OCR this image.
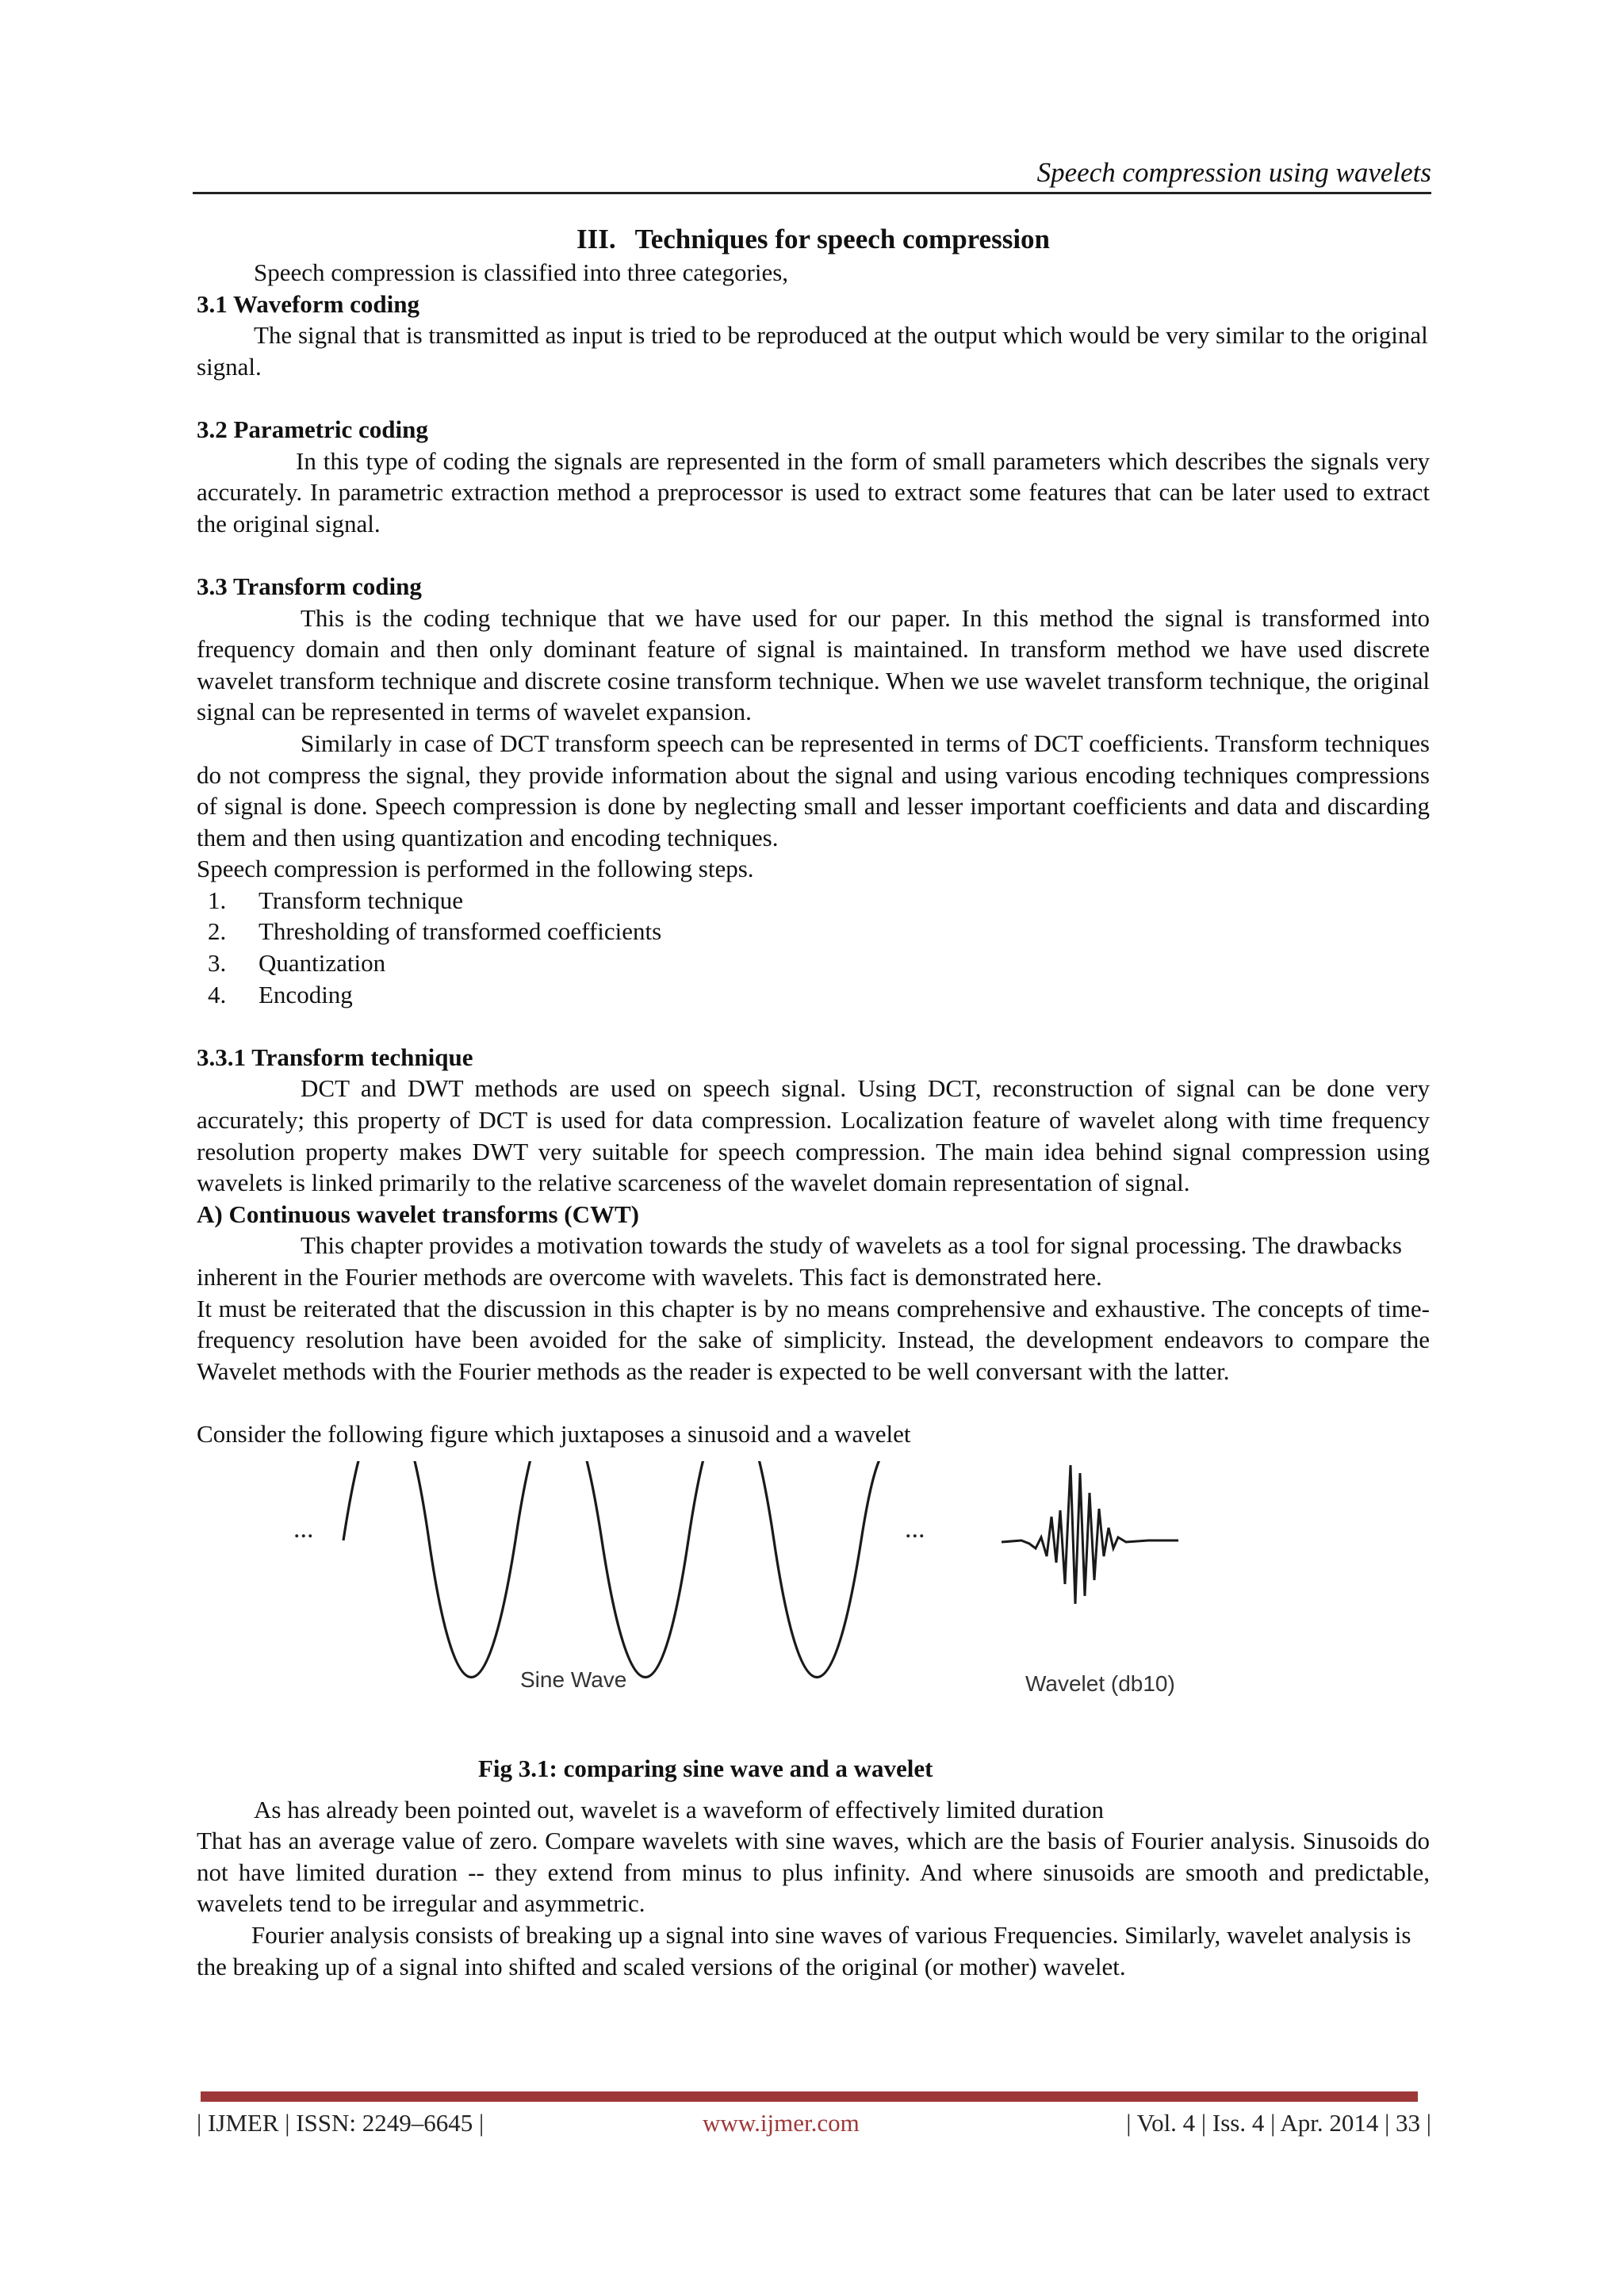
Speech compression using wavelets
III. Techniques for speech compression

Speech compression is classified into three categories,

3.1 Waveform coding

The signal that is transmitted as input is tried to be reproduced at the output which would be very similar to the original signal.

3.2 Parametric coding

In this type of coding the signals are represented in the form of small parameters which describes the signals very accurately. In parametric extraction method a preprocessor is used to extract some features that can be later used to extract the original signal.

3.3 Transform coding

This is the coding technique that we have used for our paper. In this method the signal is transformed into frequency domain and then only dominant feature of signal is maintained. In transform method we have used discrete wavelet transform technique and discrete cosine transform technique. When we use wavelet transform technique, the original signal can be represented in terms of wavelet expansion.

Similarly in case of DCT transform speech can be represented in terms of DCT coefficients. Transform techniques do not compress the signal, they provide information about the signal and using various encoding techniques compressions of signal is done. Speech compression is done by neglecting small and lesser important coefficients and data and discarding them and then using quantization and encoding techniques.

Speech compression is performed in the following steps.

1. Transform technique
2. Thresholding of transformed coefficients
3. Quantization
4. Encoding
3.3.1 Transform technique

DCT and DWT methods are used on speech signal. Using DCT, reconstruction of signal can be done very accurately; this property of DCT is used for data compression. Localization feature of wavelet along with time frequency resolution property makes DWT very suitable for speech compression. The main idea behind signal compression using wavelets is linked primarily to the relative scarceness of the wavelet domain representation of signal.

A) Continuous wavelet transforms (CWT)

This chapter provides a motivation towards the study of wavelets as a tool for signal processing. The drawbacks inherent in the Fourier methods are overcome with wavelets. This fact is demonstrated here.

It must be reiterated that the discussion in this chapter is by no means comprehensive and exhaustive. The concepts of time-frequency resolution have been avoided for the sake of simplicity. Instead, the development endeavors to compare the Wavelet methods with the Fourier methods as the reader is expected to be well conversant with the latter.

Consider the following figure which juxtaposes a sinusoid and a wavelet

...	...
Sine Wave	Wavelet (db10)
Fig 3.1: comparing sine wave and a wavelet

As has already been pointed out, wavelet is a waveform of effectively limited duration

That has an average value of zero. Compare wavelets with sine waves, which are the basis of Fourier analysis. Sinusoids do not have limited duration -- they extend from minus to plus infinity. And where sinusoids are smooth and predictable, wavelets tend to be irregular and asymmetric.

Fourier analysis consists of breaking up a signal into sine waves of various Frequencies. Similarly, wavelet analysis is the breaking up of a signal into shifted and scaled versions of the original (or mother) wavelet.

| IJMER | ISSN: 2249–6645 |	www.ijmer.com	| Vol. 4 | Iss. 4 | Apr. 2014 | 33 |
